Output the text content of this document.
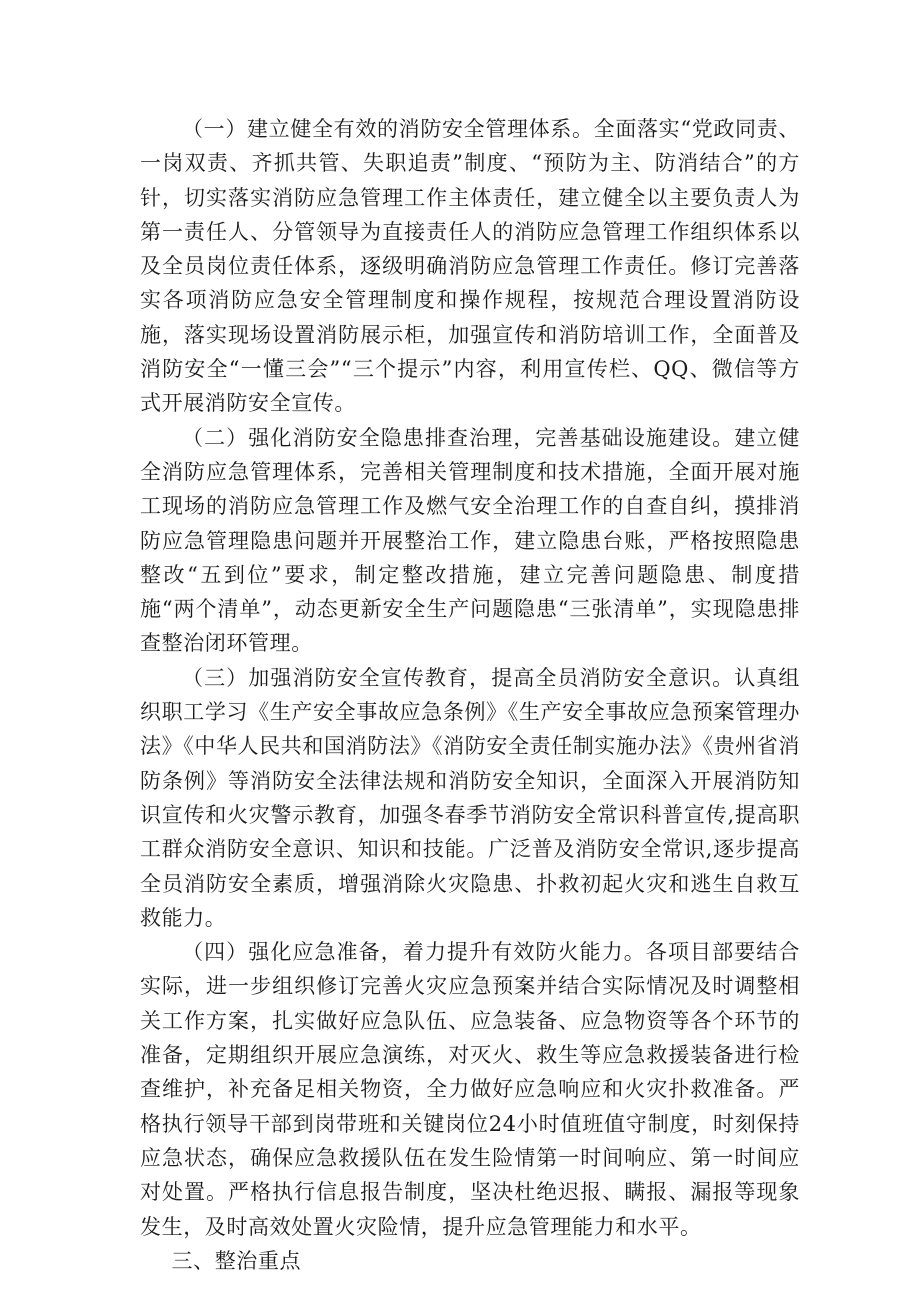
（一）建立健全有效的消防安全管理体系。全面落实“党政同责、一岗双责、齐抓共管、失职追责”制度、“预防为主、防消结合”的方针，切实落实消防应急管理工作主体责任，建立健全以主要负责人为第一责任人、分管领导为直接责任人的消防应急管理工作组织体系以及全员岗位责任体系，逐级明确消防应急管理工作责任。修订完善落实各项消防应急安全管理制度和操作规程，按规范合理设置消防设施，落实现场设置消防展示柜，加强宣传和消防培训工作，全面普及消防安全“一懂三会”“三个提示”内容，利用宣传栏、QQ、微信等方式开展消防安全宣传。

（二）强化消防安全隐患排查治理，完善基础设施建设。建立健全消防应急管理体系，完善相关管理制度和技术措施，全面开展对施工现场的消防应急管理工作及燃气安全治理工作的自查自纠，摸排消防应急管理隐患问题并开展整治工作，建立隐患台账，严格按照隐患整改“五到位”要求，制定整改措施，建立完善问题隐患、制度措施“两个清单”，动态更新安全生产问题隐患“三张清单”，实现隐患排查整治闭环管理。

（三）加强消防安全宣传教育，提高全员消防安全意识。认真组织职工学习《生产安全事故应急条例》《生产安全事故应急预案管理办法》《中华人民共和国消防法》《消防安全责任制实施办法》《贵州省消防条例》等消防安全法律法规和消防安全知识，全面深入开展消防知识宣传和火灾警示教育，加强冬春季节消防安全常识科普宣传,提高职工群众消防安全意识、知识和技能。广泛普及消防安全常识,逐步提高全员消防安全素质，增强消除火灾隐患、扑救初起火灾和逃生自救互救能力。

（四）强化应急准备，着力提升有效防火能力。各项目部要结合实际，进一步组织修订完善火灾应急预案并结合实际情况及时调整相关工作方案，扎实做好应急队伍、应急装备、应急物资等各个环节的准备，定期组织开展应急演练，对灭火、救生等应急救援装备进行检查维护，补充备足相关物资，全力做好应急响应和火灾扑救准备。严格执行领导干部到岗带班和关键岗位24小时值班值守制度，时刻保持应急状态，确保应急救援队伍在发生险情第一时间响应、第一时间应对处置。严格执行信息报告制度，坚决杜绝迟报、瞒报、漏报等现象发生，及时高效处置火灾险情，提升应急管理能力和水平。

三、整治重点
